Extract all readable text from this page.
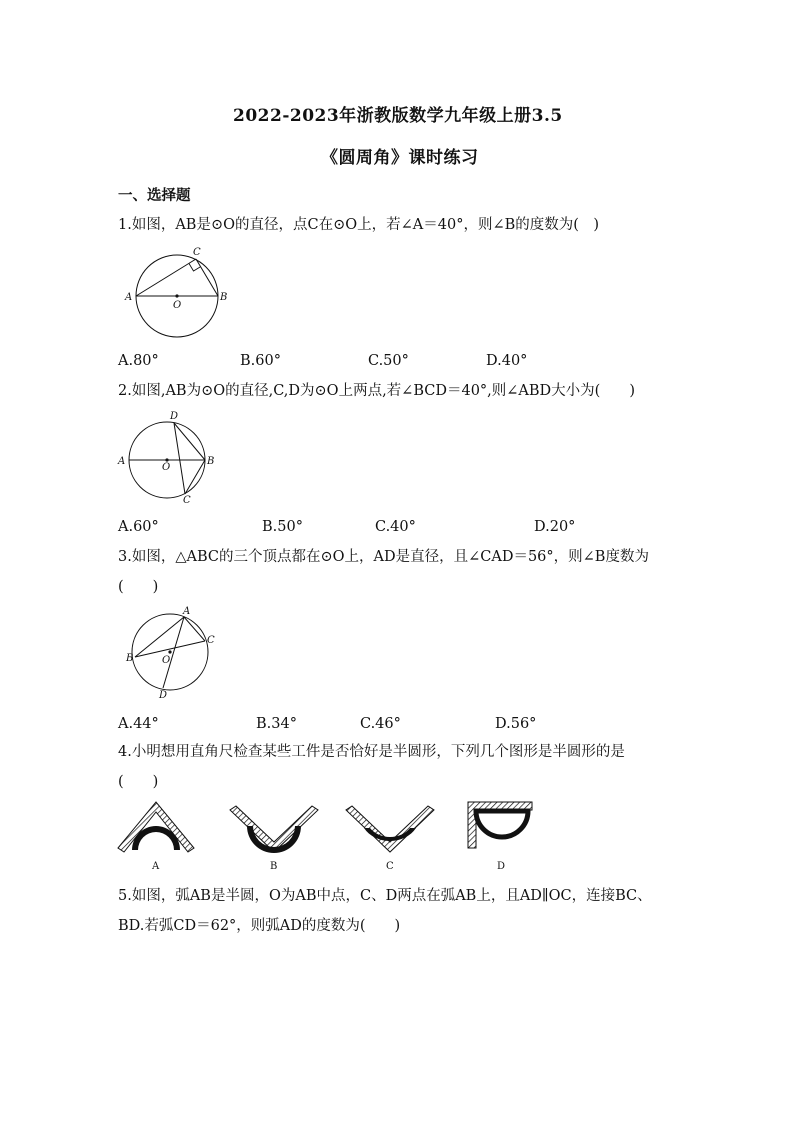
2022-2023年浙教版数学九年级上册3.5
《圆周角》课时练习
一、选择题
1.如图，AB是⊙O的直径，点C在⊙O上，若∠A＝40°，则∠B的度数为(　)
A	B
C
O
A.80°	B.60°	C.50°	D.40°
2.如图,AB为⊙O的直径,C,D为⊙O上两点,若∠BCD＝40°,则∠ABD大小为(　　)
A	B
C
D
O
A.60°	B.50°	C.40°	D.20°
3.如图，△ABC的三个顶点都在⊙O上，AD是直径，且∠CAD＝56°，则∠B度数为
(　　)
A
B
C
D
O
A.44°	B.34°	C.46°	D.56°
4.小明想用直角尺检查某些工件是否恰好是半圆形，下列几个图形是半圆形的是
(　　)
A	B	C	D
5.如图，弧AB是半圆，O为AB中点，C、D两点在弧AB上，且AD∥OC，连接BC、
BD.若弧CD＝62°，则弧AD的度数为(　　)
